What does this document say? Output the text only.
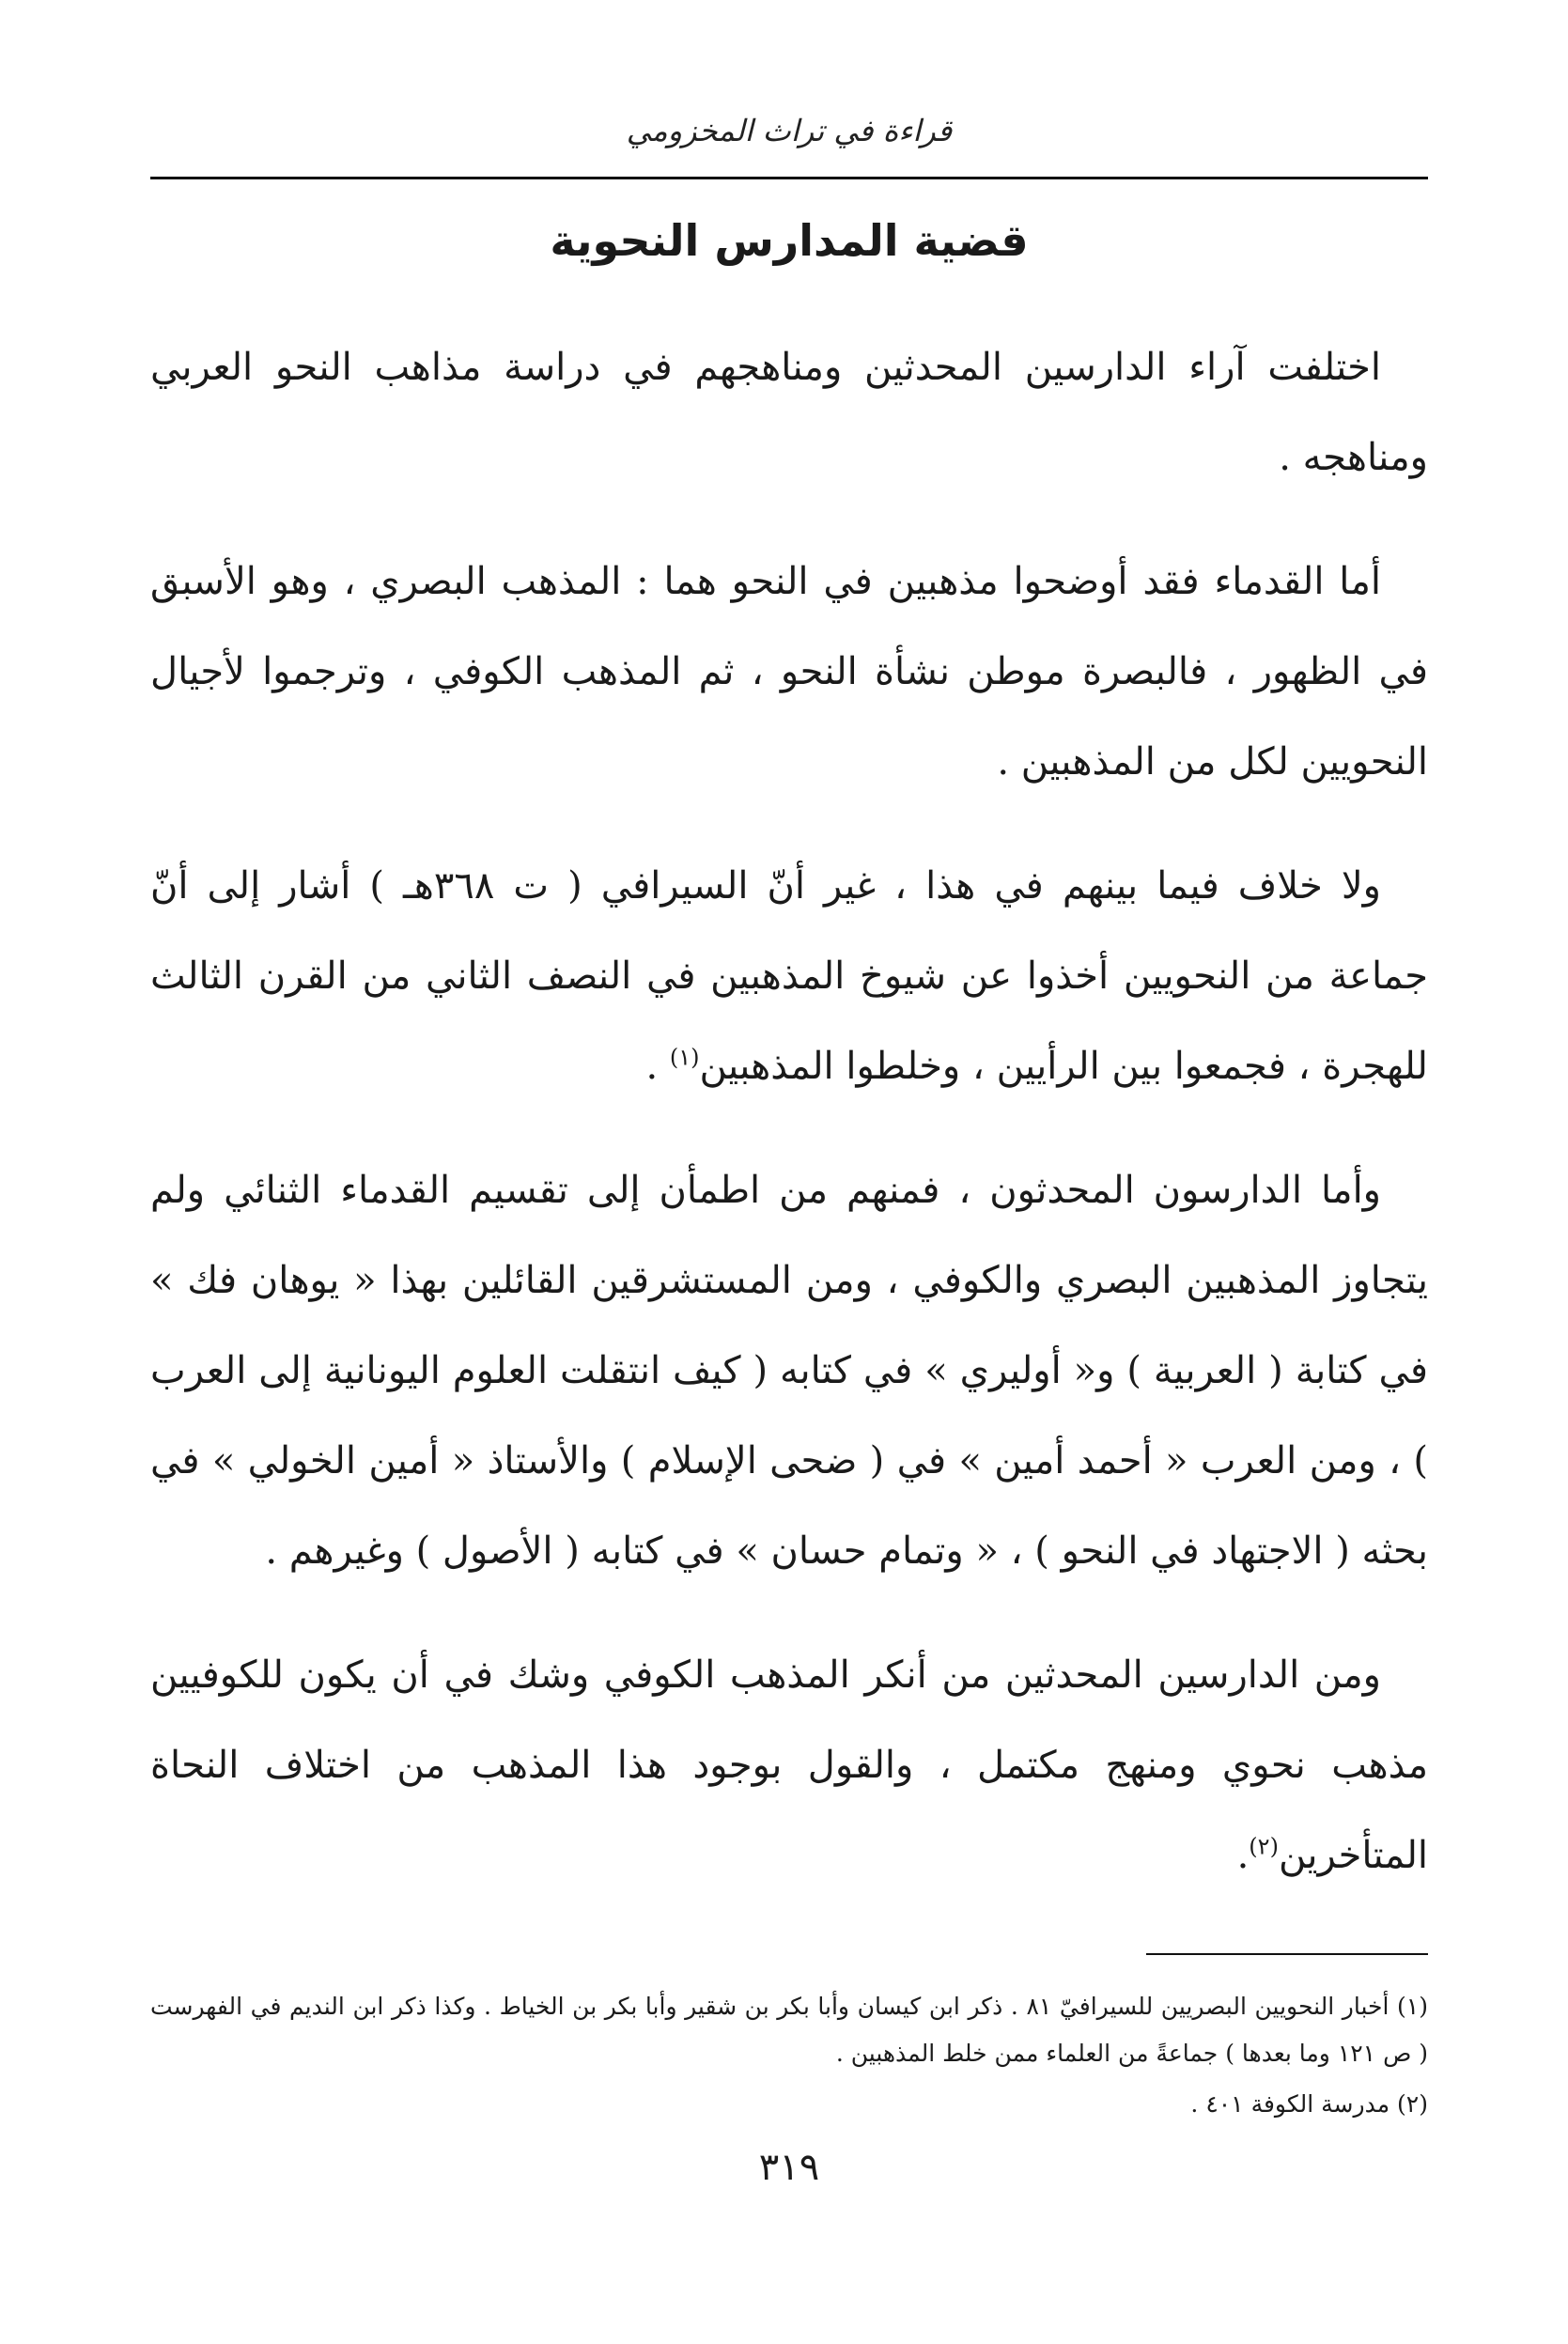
قراءة في تراث المخزومي
قضية المدارس النحوية

اختلفت آراء الدارسين المحدثين ومناهجهم في دراسة مذاهب النحو العربي ومناهجه .

أما القدماء فقد أوضحوا مذهبين في النحو هما : المذهب البصري ، وهو الأسبق في الظهور ، فالبصرة موطن نشأة النحو ، ثم المذهب الكوفي ، وترجموا لأجيال النحويين لكل من المذهبين .

ولا خلاف فيما بينهم في هذا ، غير أنّ السيرافي ( ت ٣٦٨هـ ) أشار إلى أنّ جماعة من النحويين أخذوا عن شيوخ المذهبين في النصف الثاني من القرن الثالث للهجرة ، فجمعوا بين الرأيين ، وخلطوا المذهبين$^{(١)}$ .

وأما الدارسون المحدثون ، فمنهم من اطمأن إلى تقسيم القدماء الثنائي ولم يتجاوز المذهبين البصري والكوفي ، ومن المستشرقين القائلين بهذا « يوهان فك » في كتابة ( العربية ) و« أوليري » في كتابه ( كيف انتقلت العلوم اليونانية إلى العرب ) ، ومن العرب « أحمد أمين » في ( ضحى الإسلام ) والأستاذ « أمين الخولي » في بحثه ( الاجتهاد في النحو ) ، « وتمام حسان » في كتابه ( الأصول ) وغيرهم .

ومن الدارسين المحدثين من أنكر المذهب الكوفي وشك في أن يكون للكوفيين مذهب نحوي ومنهج مكتمل ، والقول بوجود هذا المذهب من اختلاف النحاة المتأخرين$^{(٢)}$.

(١) أخبار النحويين البصريين للسيرافيّ ٨١ . ذكر ابن كيسان وأبا بكر بن شقير وأبا بكر بن الخياط . وكذا ذكر ابن النديم في الفهرست ( ص ١٢١ وما بعدها ) جماعةً من العلماء ممن خلط المذهبين .

(٢) مدرسة الكوفة ٤٠١ .

٣١٩
